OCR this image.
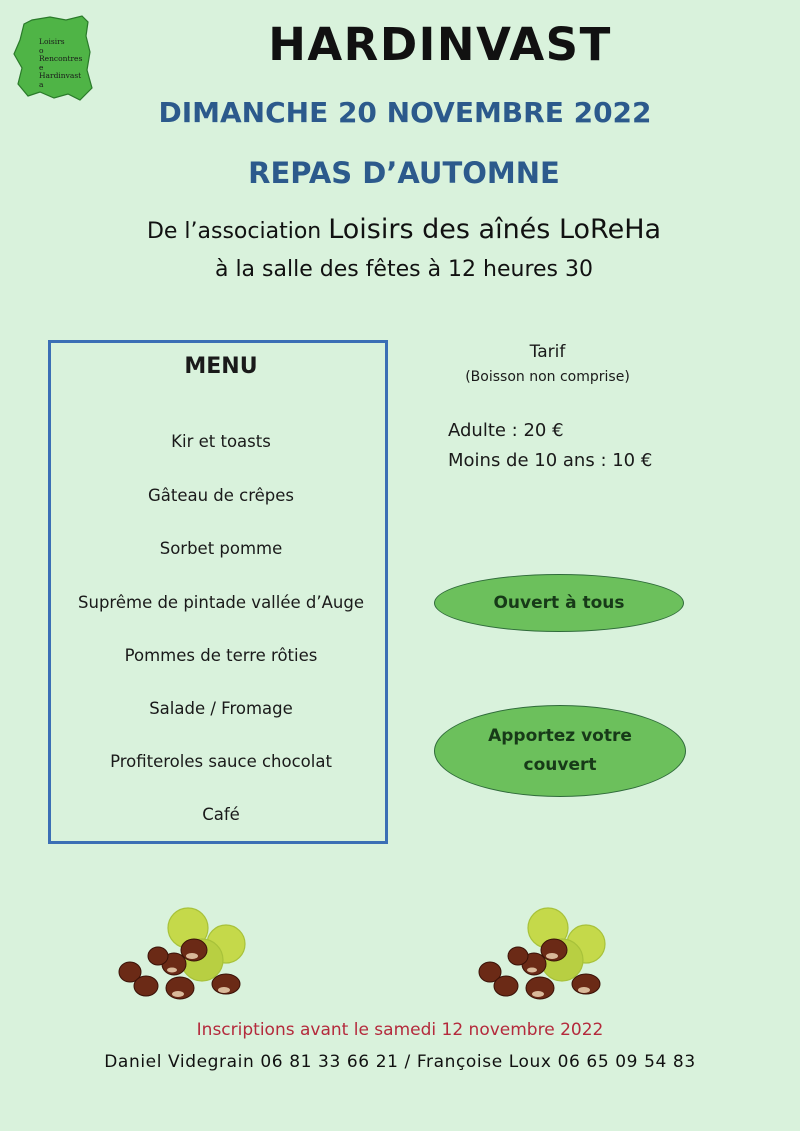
Loisirs
o
Rencontres
e
Hardinvast
a
HARDINVAST
DIMANCHE 20 NOVEMBRE 2022
REPAS D’AUTOMNE
De l’association Loisirs des aînés LoReHa
à la salle des fêtes à 12 heures 30
MENU
Kir et toasts
Gâteau de crêpes
Sorbet pomme
Suprême de pintade vallée d’Auge
Pommes de terre rôties
Salade / Fromage
Profiteroles sauce chocolat
Café
Tarif
(Boisson non comprise)
Adulte : 20 €
Moins de 10 ans : 10 €
Ouvert à tous
Apportez votre
couvert
Inscriptions avant le samedi 12 novembre 2022
Daniel Videgrain 06 81 33 66 21 / Françoise Loux 06 65 09 54 83
